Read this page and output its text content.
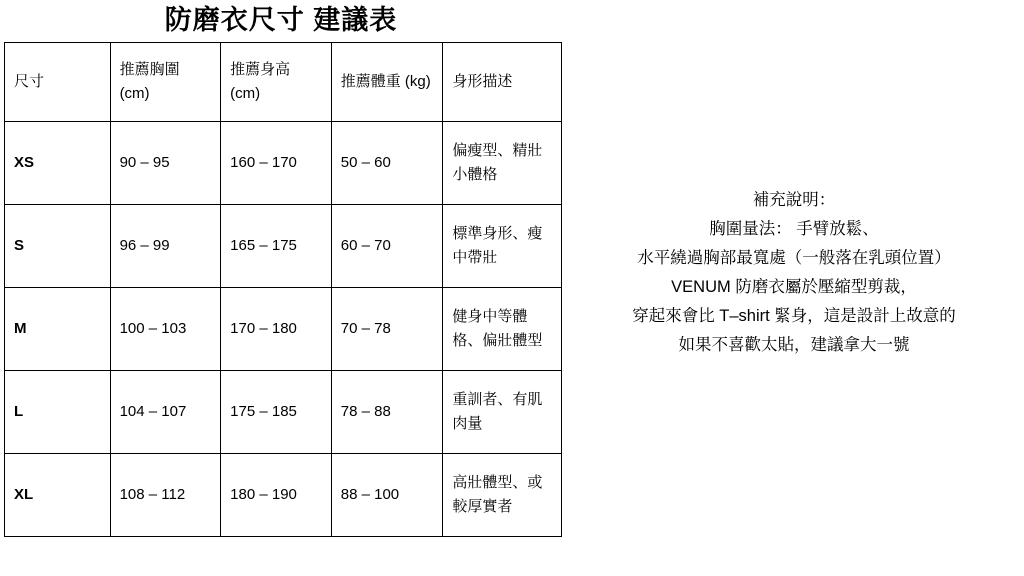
防磨衣尺寸 建議表
尺寸	推薦胸圍 (cm)	推薦身高 (cm)	推薦體重 (kg)	身形描述
XS	90 – 95	160 – 170	50 – 60	偏瘦型、精壯小體格
S	96 – 99	165 – 175	60 – 70	標準身形、瘦中帶壯
M	100 – 103	170 – 180	70 – 78	健身中等體格、偏壯體型
L	104 – 107	175 – 185	78 – 88	重訓者、有肌肉量
XL	108 – 112	180 – 190	88 – 100	高壯體型、或較厚實者
補充說明：
胸圍量法： 手臂放鬆、
水平繞過胸部最寬處（一般落在乳頭位置）
VENUM 防磨衣屬於壓縮型剪裁，
穿起來會比 T–shirt 緊身，這是設計上故意的
如果不喜歡太貼，建議拿大一號
